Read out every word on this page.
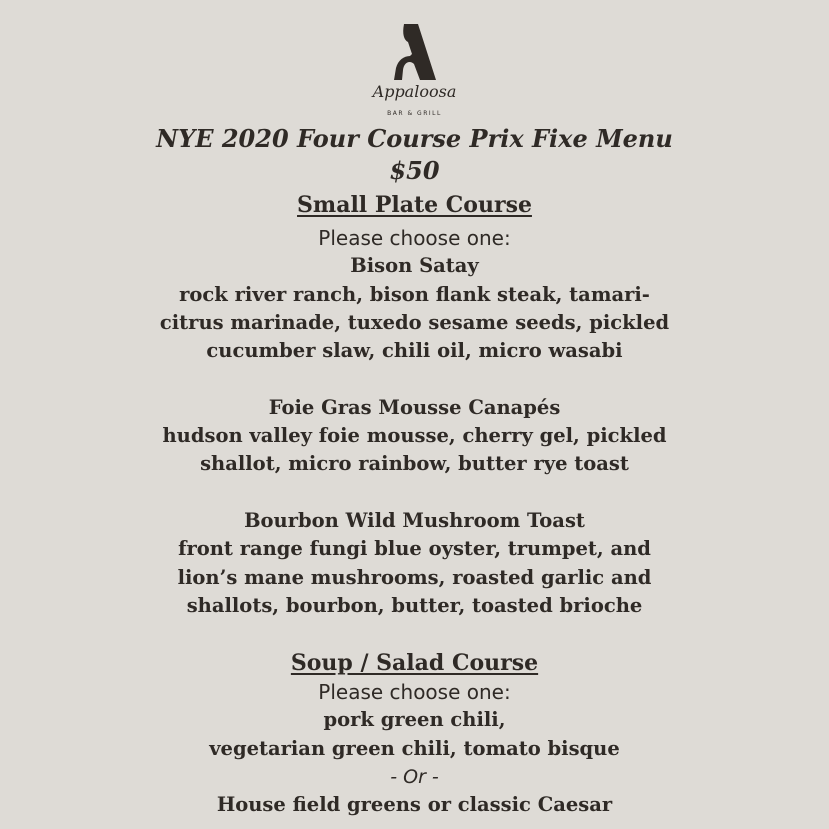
Appaloosa
BAR & GRILL
NYE 2020 Four Course Prix Fixe Menu
$50
Small Plate Course
Please choose one:
Bison Satay
rock river ranch, bison flank steak, tamari-
citrus marinade, tuxedo sesame seeds, pickled
cucumber slaw, chili oil, micro wasabi
Foie Gras Mousse Canapés
hudson valley foie mousse, cherry gel, pickled
shallot, micro rainbow, butter rye toast
Bourbon Wild Mushroom Toast
front range fungi blue oyster, trumpet, and
lion’s mane mushrooms, roasted garlic and
shallots, bourbon, butter, toasted brioche
Soup / Salad Course
Please choose one:
pork green chili,
vegetarian green chili, tomato bisque
- Or -
House field greens or classic Caesar
